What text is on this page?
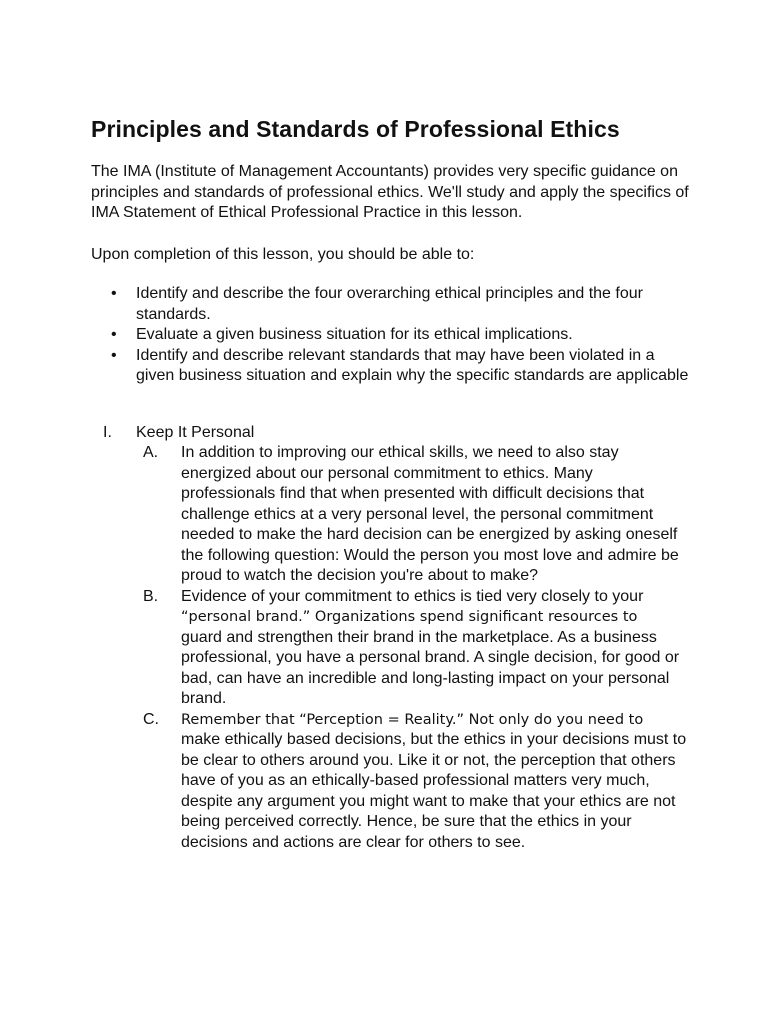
Principles and Standards of Professional Ethics

The IMA (Institute of Management Accountants) provides very specific guidance on principles and standards of professional ethics. We'll study and apply the specifics of IMA Statement of Ethical Professional Practice in this lesson.

Upon completion of this lesson, you should be able to:

• Identify and describe the four overarching ethical principles and the four standards.
• Evaluate a given business situation for its ethical implications.
• Identify and describe relevant standards that may have been violated in a given business situation and explain why the specific standards are applicable
I. Keep It Personal
A. In addition to improving our ethical skills, we need to also stay energized about our personal commitment to ethics. Many professionals find that when presented with difficult decisions that challenge ethics at a very personal level, the personal commitment needed to make the hard decision can be energized by asking oneself the following question: Would the person you most love and admire be proud to watch the decision you're about to make?
B. Evidence of your commitment to ethics is tied very closely to your
“personal brand.” Organizations spend significant resources to
guard and strengthen their brand in the marketplace. As a business professional, you have a personal brand. A single decision, for good or bad, can have an incredible and long-lasting impact on your personal brand.
C. Remember that “Perception = Reality.” Not only do you need to
make ethically based decisions, but the ethics in your decisions must to be clear to others around you. Like it or not, the perception that others have of you as an ethically-based professional matters very much, despite any argument you might want to make that your ethics are not being perceived correctly. Hence, be sure that the ethics in your decisions and actions are clear for others to see.
